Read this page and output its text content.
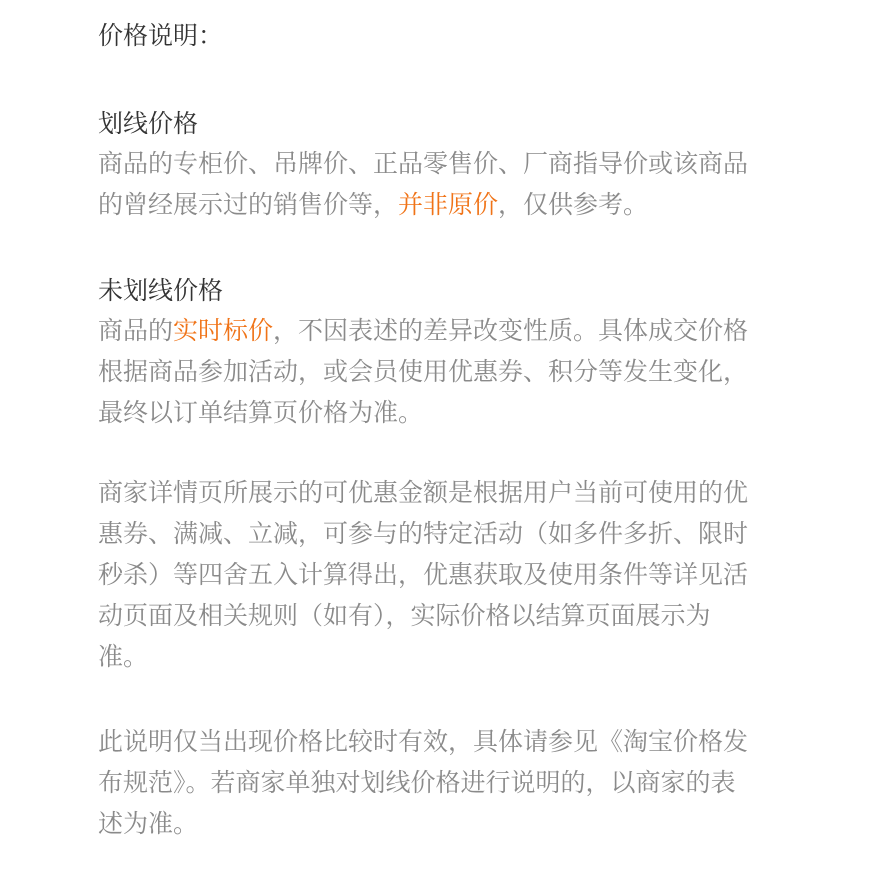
价格说明：

划线价格

商品的专柜价、吊牌价、正品零售价、厂商指导价或该商品

的曾经展示过的销售价等，并非原价，仅供参考。

未划线价格

商品的实时标价，不因表述的差异改变性质。具体成交价格

根据商品参加活动，或会员使用优惠券、积分等发生变化，

最终以订单结算页价格为准。

商家详情页所展示的可优惠金额是根据用户当前可使用的优

惠券、满减、立减，可参与的特定活动（如多件多折、限时

秒杀）等四舍五入计算得出，优惠获取及使用条件等详见活

动页面及相关规则（如有），实际价格以结算页面展示为

准。

此说明仅当出现价格比较时有效，具体请参见《淘宝价格发

布规范》。若商家单独对划线价格进行说明的，以商家的表

述为准。
